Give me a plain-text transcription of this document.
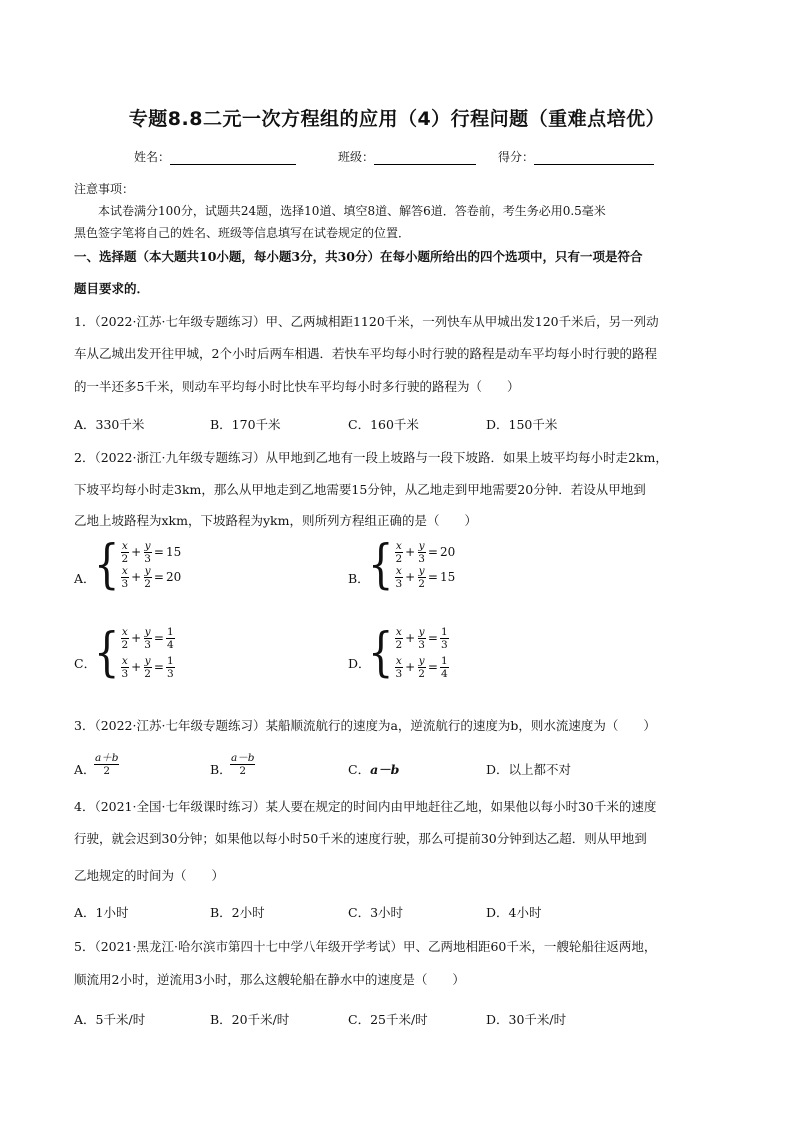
专题8.8二元一次方程组的应用（4）行程问题（重难点培优）
姓名：	班级：	得分：
注意事项：
本试卷满分100分，试题共24题，选择10道、填空8道、解答6道．答卷前，考生务必用0.5毫米
黑色签字笔将自己的姓名、班级等信息填写在试卷规定的位置．
一、选择题（本大题共10小题，每小题3分，共30分）在每小题所给出的四个选项中，只有一项是符合
题目要求的．
1．（2022·江苏·七年级专题练习）甲、乙两城相距1120千米，一列快车从甲城出发120千米后，另一列动
车从乙城出发开往甲城，2个小时后两车相遇．若快车平均每小时行驶的路程是动车平均每小时行驶的路程
的一半还多5千米，则动车平均每小时比快车平均每小时多行驶的路程为（　　）
A．330千米	B．170千米	C．160千米	D．150千米
2．（2022·浙江·九年级专题练习）从甲地到乙地有一段上坡路与一段下坡路．如果上坡平均每小时走2km，
下坡平均每小时走3km，那么从甲地走到乙地需要15分钟，从乙地走到甲地需要20分钟．若设从甲地到
乙地上坡路程为xkm，下坡路程为ykm，则所列方程组正确的是（　　）
A．
{ $\frac{x}{2} + \frac{y}{3} = 15$
$\frac{x}{3} + \frac{y}{2} = 20$	B．
{ $\frac{x}{2} + \frac{y}{3} = 20$
$\frac{x}{3} + \frac{y}{2} = 15$
C．
{ $\frac{x}{2} + \frac{y}{3} = \frac{1}{4}$
$\frac{x}{3} + \frac{y}{2} = \frac{1}{3}$	D．
{ $\frac{x}{2} + \frac{y}{3} = \frac{1}{3}$
$\frac{x}{3} + \frac{y}{2} = \frac{1}{4}$
3．（2022·江苏·七年级专题练习）某船顺流航行的速度为a，逆流航行的速度为b，则水流速度为（　　）
A．
$\frac{a+b}{2}$	B．
$\frac{a-b}{2}$	C．a－b	D．以上都不对
4．（2021·全国·七年级课时练习）某人要在规定的时间内由甲地赶往乙地，如果他以每小时30千米的速度
行驶，就会迟到30分钟；如果他以每小时50千米的速度行驶，那么可提前30分钟到达乙超．则从甲地到
乙地规定的时间为（　　）
A．1小时	B．2小时	C．3小时	D．4小时
5．（2021·黑龙江·哈尔滨市第四十七中学八年级开学考试）甲、乙两地相距60千米，一艘轮船往返两地，
顺流用2小时，逆流用3小时，那么这艘轮船在静水中的速度是（　　）
A．5千米/时	B．20千米/时	C．25千米/时	D．30千米/时
